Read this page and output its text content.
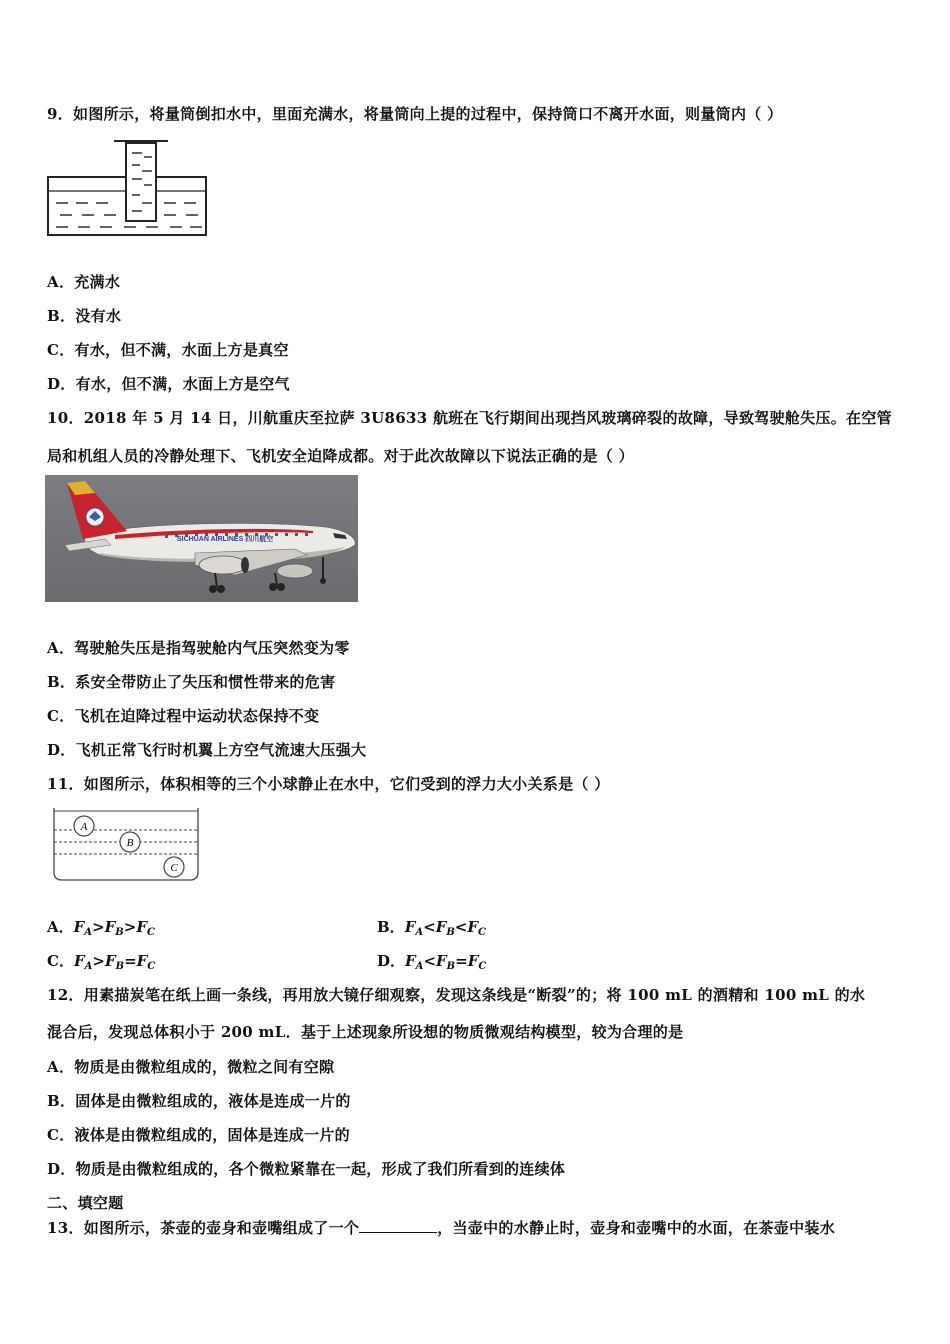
9．如图所示，将量筒倒扣水中，里面充满水，将量筒向上提的过程中，保持筒口不离开水面，则量筒内（ ）
A．充满水
B．没有水
C．有水，但不满，水面上方是真空
D．有水，但不满，水面上方是空气
10．2018 年 5 月 14 日，川航重庆至拉萨 3U8633 航班在飞行期间出现挡风玻璃碎裂的故障，导致驾驶舱失压。在空管
局和机组人员的冷静处理下、飞机安全迫降成都。对于此次故障以下说法正确的是（ ）
SICHUAN AIRLINES 四川航空
A．驾驶舱失压是指驾驶舱内气压突然变为零
B．系安全带防止了失压和惯性带来的危害
C．飞机在迫降过程中运动状态保持不变
D．飞机正常飞行时机翼上方空气流速大压强大
11．如图所示，体积相等的三个小球静止在水中，它们受到的浮力大小关系是（ ）
A
B
C
A．$F_A>F_B>F_C$	B．$F_A<F_B<F_C$
C．$F_A>F_B=F_C$	D．$F_A<F_B=F_C$
12．用素描炭笔在纸上画一条线，再用放大镜仔细观察，发现这条线是“断裂”的；将 100 mL 的酒精和 100 mL 的水
混合后，发现总体积小于 200 mL．基于上述现象所设想的物质微观结构模型，较为合理的是
A．物质是由微粒组成的，微粒之间有空隙
B．固体是由微粒组成的，液体是连成一片的
C．液体是由微粒组成的，固体是连成一片的
D．物质是由微粒组成的，各个微粒紧靠在一起，形成了我们所看到的连续体
二、填空题
13．如图所示，茶壶的壶身和壶嘴组成了一个	，当壶中的水静止时，壶身和壶嘴中的水面，在茶壶中装水
